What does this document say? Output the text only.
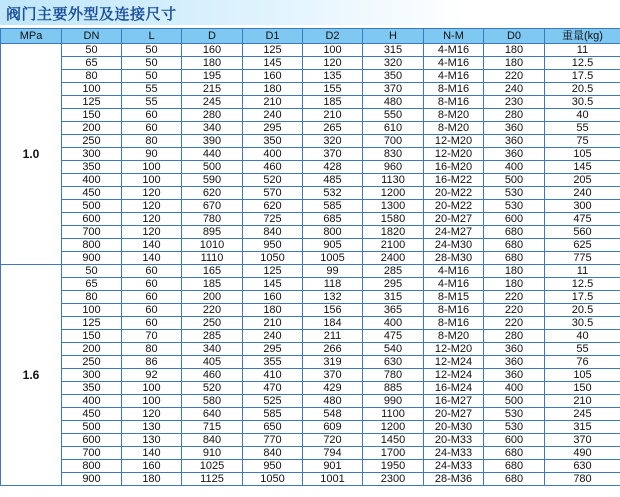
阀门主要外型及连接尺寸
MPa	DN	L	D	D1	D2	H	N-M	D0	重量(kg)
1.0	50	50	160	125	100	315	4-M16	180	11
	65	50	180	145	120	320	4-M16	180	12.5
	80	50	195	160	135	350	4-M16	220	17.5
	100	55	215	180	155	370	8-M16	240	20.5
	125	55	245	210	185	480	8-M16	230	30.5
	150	60	280	240	210	550	8-M20	280	40
	200	60	340	295	265	610	8-M20	360	55
	250	80	390	350	320	700	12-M20	360	75
	300	90	440	400	370	830	12-M20	360	105
	350	100	500	460	428	960	16-M20	400	145
	400	100	590	520	485	1130	16-M22	500	205
	450	120	620	570	532	1200	20-M22	530	240
	500	120	670	620	585	1300	20-M22	530	300
	600	120	780	725	685	1580	20-M27	600	475
	700	120	895	840	800	1820	24-M27	680	560
	800	140	1010	950	905	2100	24-M30	680	625
	900	140	1110	1050	1005	2400	28-M30	680	775
1.6	50	60	165	125	99	285	4-M16	180	11
	65	60	185	145	118	295	4-M16	180	12.5
	80	60	200	160	132	315	8-M15	220	17.5
	100	60	220	180	156	365	8-M16	220	20.5
	125	60	250	210	184	400	8-M16	220	30.5
	150	70	285	240	211	475	8-M20	280	40
	200	80	340	295	266	540	12-M20	360	55
	250	86	405	355	319	630	12-M24	360	76
	300	92	460	410	370	780	12-M24	360	105
	350	100	520	470	429	885	16-M24	400	150
	400	100	580	525	480	990	16-M27	500	210
	450	120	640	585	548	1100	20-M27	530	245
	500	130	715	650	609	1200	20-M30	530	315
	600	130	840	770	720	1450	20-M33	600	370
	700	140	910	840	794	1700	24-M33	680	490
	800	160	1025	950	901	1950	24-M33	680	630
	900	180	1125	1050	1001	2300	28-M36	680	780
